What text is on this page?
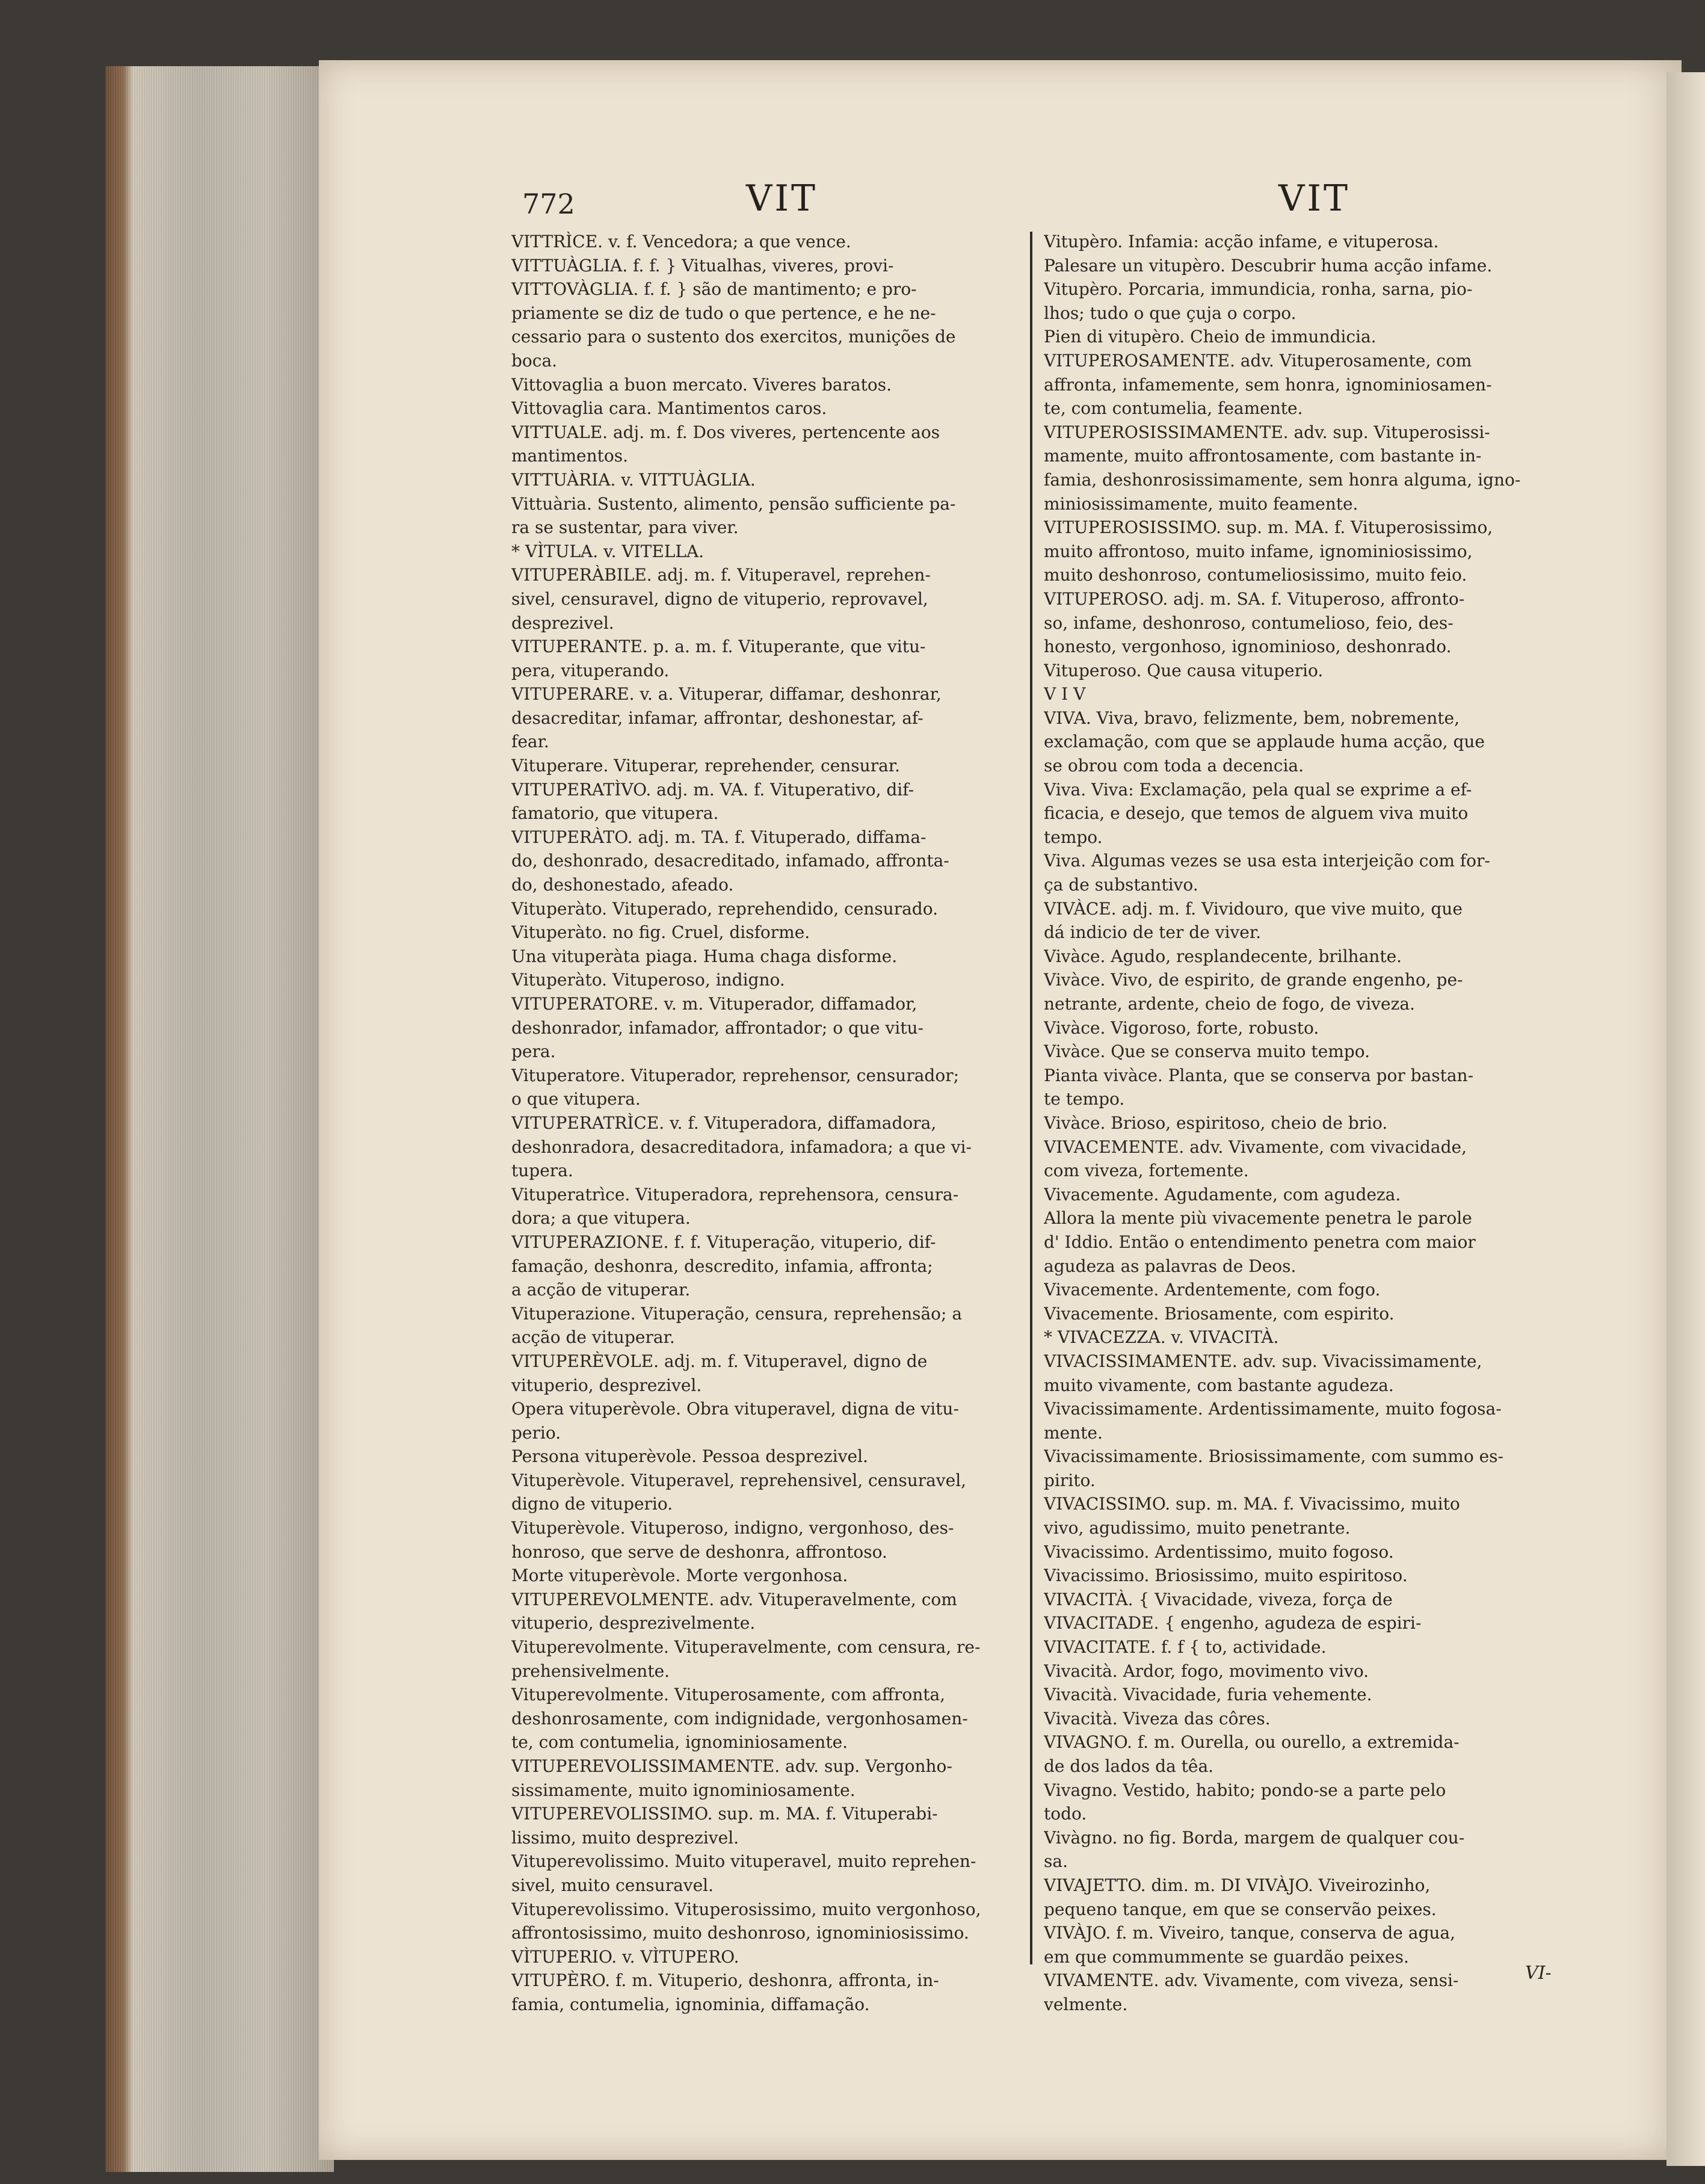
772	VIT	VIT
VITTRÌCE. v. f. Vencedora; a que vence.
VITTUÀGLIA. f. f. } Vitualhas, viveres, provi-
VITTOVÀGLIA. f. f. } são de mantimento; e pro-
priamente se diz de tudo o que pertence, e he ne-
cessario para o sustento dos exercitos, munições de
boca.
Vittovaglia a buon mercato. Viveres baratos.
Vittovaglia cara. Mantimentos caros.
VITTUALE. adj. m. f. Dos viveres, pertencente aos
mantimentos.
VITTUÀRIA. v. VITTUÀGLIA.
Vittuària. Sustento, alimento, pensão sufficiente pa-
ra se sustentar, para viver.
* VÌTULA. v. VITELLA.
VITUPERÀBILE. adj. m. f. Vituperavel, reprehen-
sivel, censuravel, digno de vituperio, reprovavel,
desprezivel.
VITUPERANTE. p. a. m. f. Vituperante, que vitu-
pera, vituperando.
VITUPERARE. v. a. Vituperar, diffamar, deshonrar,
desacreditar, infamar, affrontar, deshonestar, af-
fear.
Vituperare. Vituperar, reprehender, censurar.
VITUPERATÌVO. adj. m. VA. f. Vituperativo, dif-
famatorio, que vitupera.
VITUPERÀTO. adj. m. TA. f. Vituperado, diffama-
do, deshonrado, desacreditado, infamado, affronta-
do, deshonestado, afeado.
Vituperàto. Vituperado, reprehendido, censurado.
Vituperàto. no fig. Cruel, disforme.
Una vituperàta piaga. Huma chaga disforme.
Vituperàto. Vituperoso, indigno.
VITUPERATORE. v. m. Vituperador, diffamador,
deshonrador, infamador, affrontador; o que vitu-
pera.
Vituperatore. Vituperador, reprehensor, censurador;
o que vitupera.
VITUPERATRÌCE. v. f. Vituperadora, diffamadora,
deshonradora, desacreditadora, infamadora; a que vi-
tupera.
Vituperatrìce. Vituperadora, reprehensora, censura-
dora; a que vitupera.
VITUPERAZIONE. f. f. Vituperação, vituperio, dif-
famação, deshonra, descredito, infamia, affronta;
a acção de vituperar.
Vituperazione. Vituperação, censura, reprehensão; a
acção de vituperar.
VITUPERÈVOLE. adj. m. f. Vituperavel, digno de
vituperio, desprezivel.
Opera vituperèvole. Obra vituperavel, digna de vitu-
perio.
Persona vituperèvole. Pessoa desprezivel.
Vituperèvole. Vituperavel, reprehensivel, censuravel,
digno de vituperio.
Vituperèvole. Vituperoso, indigno, vergonhoso, des-
honroso, que serve de deshonra, affrontoso.
Morte vituperèvole. Morte vergonhosa.
VITUPEREVOLMENTE. adv. Vituperavelmente, com
vituperio, desprezivelmente.
Vituperevolmente. Vituperavelmente, com censura, re-
prehensivelmente.
Vituperevolmente. Vituperosamente, com affronta,
deshonrosamente, com indignidade, vergonhosamen-
te, com contumelia, ignominiosamente.
VITUPEREVOLISSIMAMENTE. adv. sup. Vergonho-
sissimamente, muito ignominiosamente.
VITUPEREVOLISSIMO. sup. m. MA. f. Vituperabi-
lissimo, muito desprezivel.
Vituperevolissimo. Muito vituperavel, muito reprehen-
sivel, muito censuravel.
Vituperevolissimo. Vituperosissimo, muito vergonhoso,
affrontosissimo, muito deshonroso, ignominiosissimo.
VÌTUPERIO. v. VÌTUPERO.
VITUPÈRO. f. m. Vituperio, deshonra, affronta, in-
famia, contumelia, ignominia, diffamação.
Vitupèro. Infamia: acção infame, e vituperosa.
Palesare un vitupèro. Descubrir huma acção infame.
Vitupèro. Porcaria, immundicia, ronha, sarna, pio-
lhos; tudo o que çuja o corpo.
Pien di vitupèro. Cheio de immundicia.
VITUPEROSAMENTE. adv. Vituperosamente, com
affronta, infamemente, sem honra, ignominiosamen-
te, com contumelia, feamente.
VITUPEROSISSIMAMENTE. adv. sup. Vituperosissi-
mamente, muito affrontosamente, com bastante in-
famia, deshonrosissimamente, sem honra alguma, igno-
miniosissimamente, muito feamente.
VITUPEROSISSIMO. sup. m. MA. f. Vituperosissimo,
muito affrontoso, muito infame, ignominiosissimo,
muito deshonroso, contumeliosissimo, muito feio.
VITUPEROSO. adj. m. SA. f. Vituperoso, affronto-
so, infame, deshonroso, contumelioso, feio, des-
honesto, vergonhoso, ignominioso, deshonrado.
Vituperoso. Que causa vituperio.
V I V
VIVA. Viva, bravo, felizmente, bem, nobremente,
exclamação, com que se applaude huma acção, que
se obrou com toda a decencia.
Viva. Viva: Exclamação, pela qual se exprime a ef-
ficacia, e desejo, que temos de alguem viva muito
tempo.
Viva. Algumas vezes se usa esta interjeição com for-
ça de substantivo.
VIVÀCE. adj. m. f. Vividouro, que vive muito, que
dá indicio de ter de viver.
Vivàce. Agudo, resplandecente, brilhante.
Vivàce. Vivo, de espirito, de grande engenho, pe-
netrante, ardente, cheio de fogo, de viveza.
Vivàce. Vigoroso, forte, robusto.
Vivàce. Que se conserva muito tempo.
Pianta vivàce. Planta, que se conserva por bastan-
te tempo.
Vivàce. Brioso, espiritoso, cheio de brio.
VIVACEMENTE. adv. Vivamente, com vivacidade,
com viveza, fortemente.
Vivacemente. Agudamente, com agudeza.
Allora la mente più vivacemente penetra le parole
d' Iddio. Então o entendimento penetra com maior
agudeza as palavras de Deos.
Vivacemente. Ardentemente, com fogo.
Vivacemente. Briosamente, com espirito.
* VIVACEZZA. v. VIVACITÀ.
VIVACISSIMAMENTE. adv. sup. Vivacissimamente,
muito vivamente, com bastante agudeza.
Vivacissimamente. Ardentissimamente, muito fogosa-
mente.
Vivacissimamente. Briosissimamente, com summo es-
pirito.
VIVACISSIMO. sup. m. MA. f. Vivacissimo, muito
vivo, agudissimo, muito penetrante.
Vivacissimo. Ardentissimo, muito fogoso.
Vivacissimo. Briosissimo, muito espiritoso.
VIVACITÀ. { Vivacidade, viveza, força de
VIVACITADE. { engenho, agudeza de espiri-
VIVACITATE. f. f { to, actividade.
Vivacità. Ardor, fogo, movimento vivo.
Vivacità. Vivacidade, furia vehemente.
Vivacità. Viveza das côres.
VIVAGNO. f. m. Ourella, ou ourello, a extremida-
de dos lados da têa.
Vivagno. Vestido, habito; pondo-se a parte pelo
todo.
Vivàgno. no fig. Borda, margem de qualquer cou-
sa.
VIVAJETTO. dim. m. DI VIVÀJO. Viveirozinho,
pequeno tanque, em que se conservão peixes.
VIVÀJO. f. m. Viveiro, tanque, conserva de agua,
em que commummente se guardão peixes.
VIVAMENTE. adv. Vivamente, com viveza, sensi-
velmente.
VI-
